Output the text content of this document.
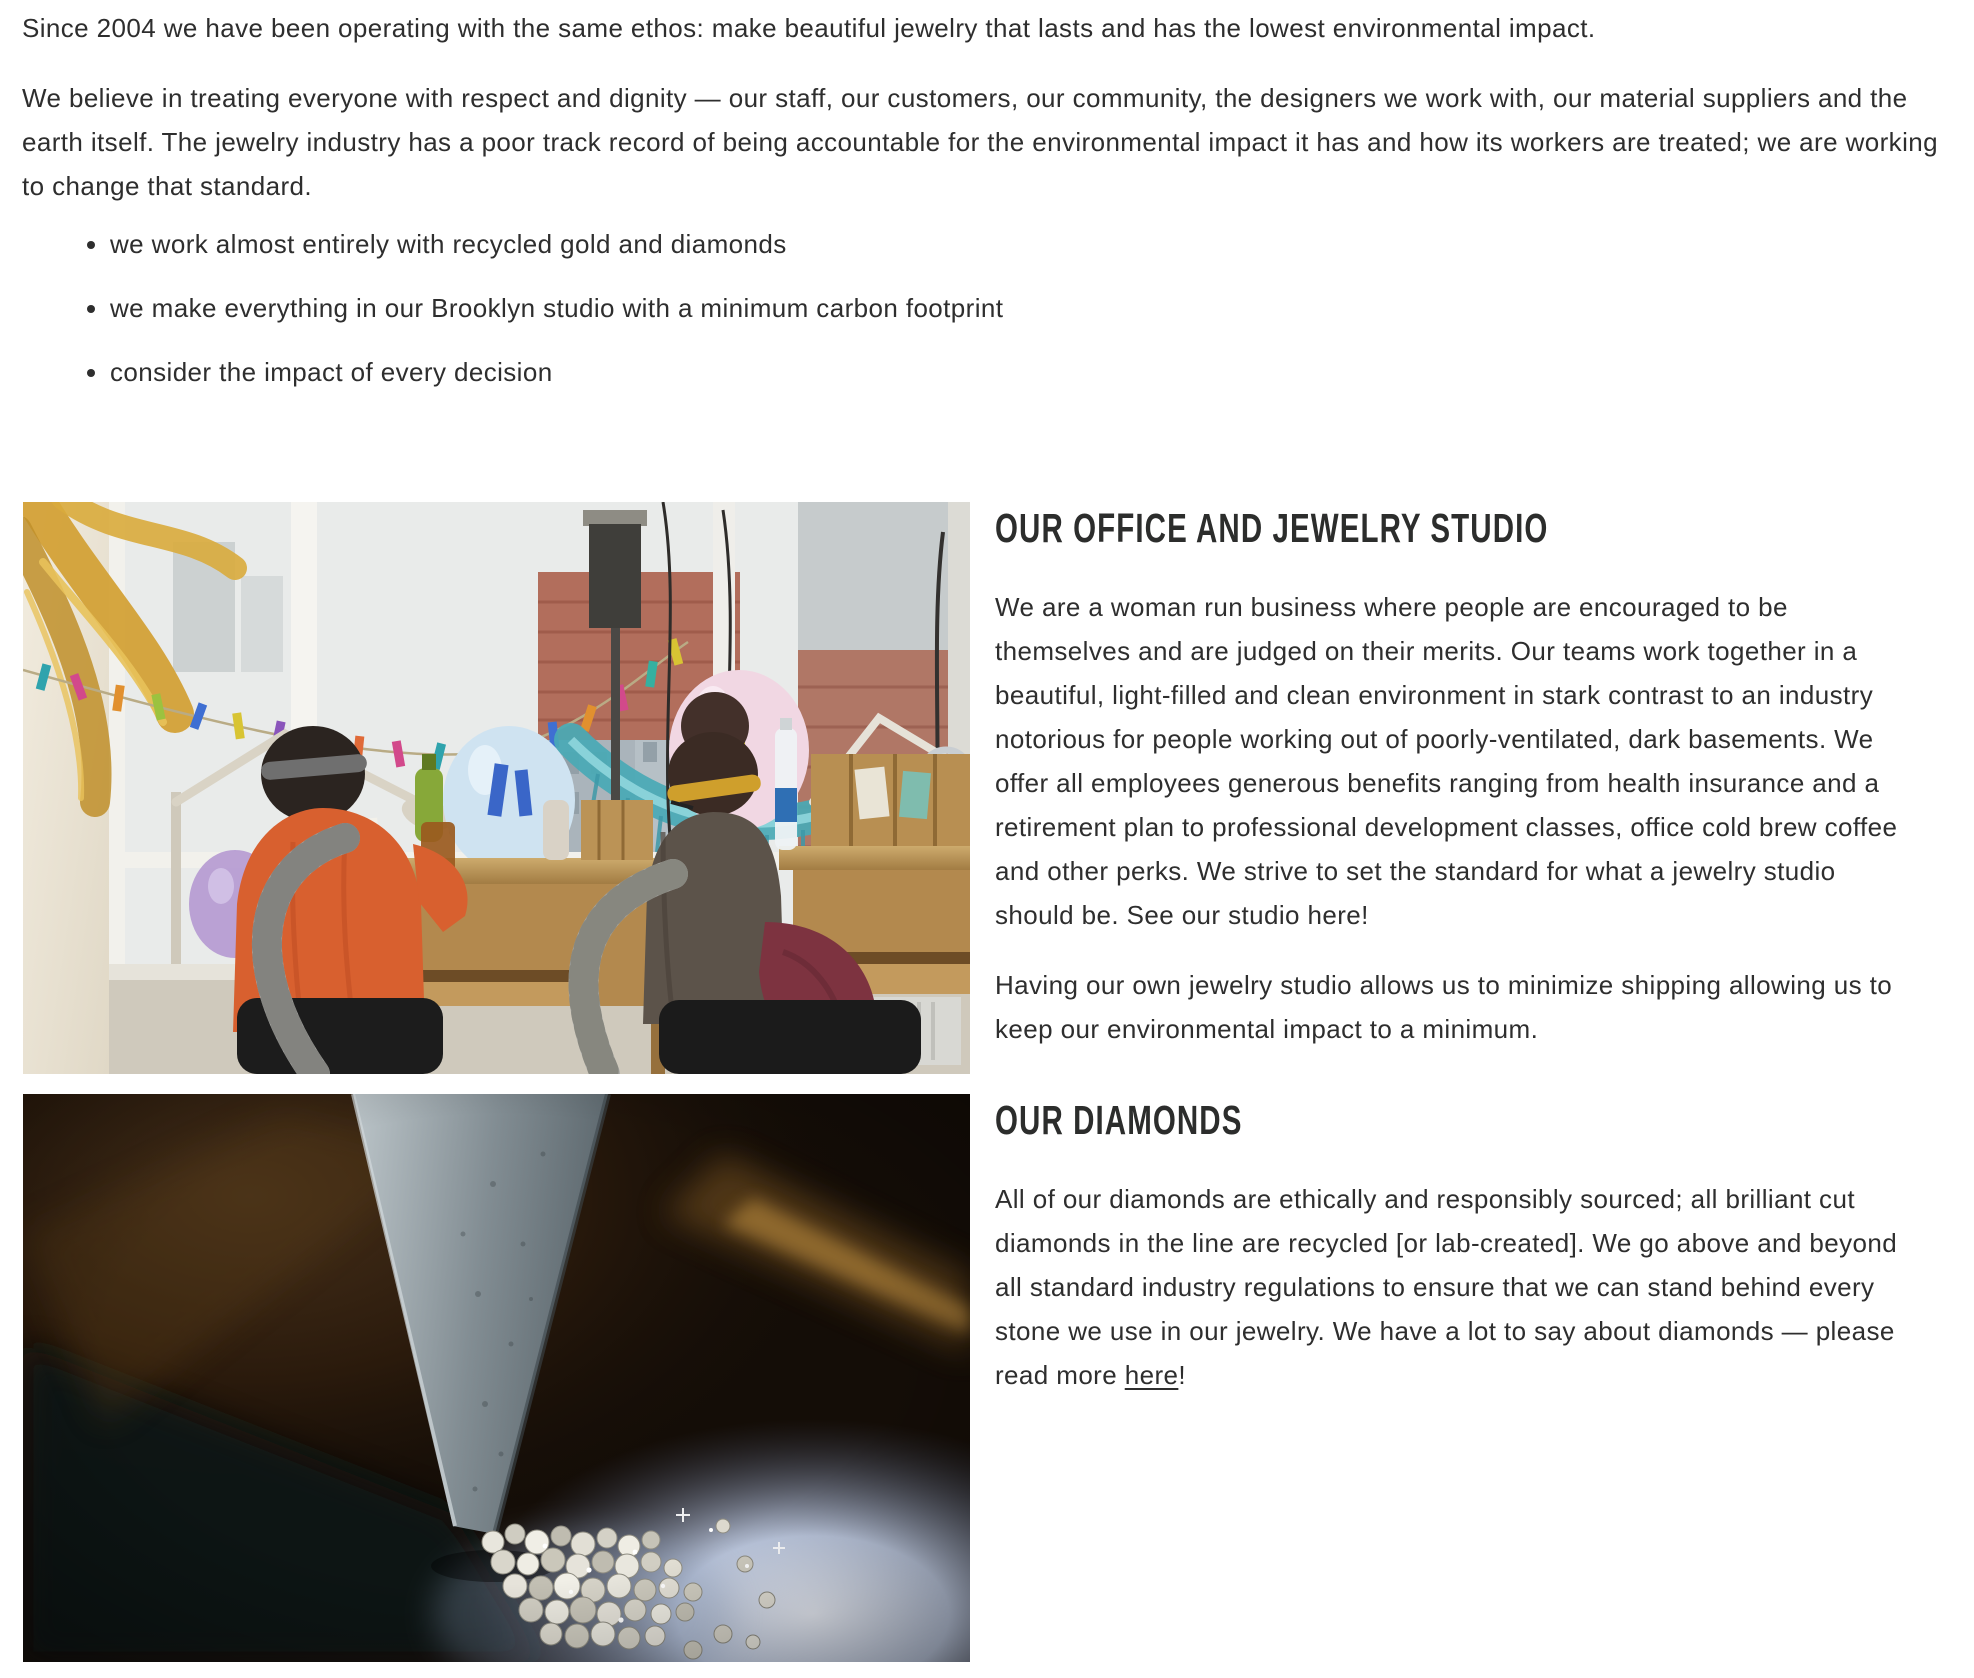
Since 2004 we have been operating with the same ethos: make beautiful jewelry that lasts and has the lowest environmental impact.

We believe in treating everyone with respect and dignity — our staff, our customers, our community, the designers we work with, our material suppliers and the earth itself. The jewelry industry has a poor track record of being accountable for the environmental impact it has and how its workers are treated; we are working to change that standard.

• we work almost entirely with recycled gold and diamonds
• we make everything in our Brooklyn studio with a minimum carbon footprint
• consider the impact of every decision
OUR OFFICE AND JEWELRY STUDIO

We are a woman run business where people are encouraged to be themselves and are judged on their merits. Our teams work together in a beautiful, light-filled and clean environment in stark contrast to an industry notorious for people working out of poorly-ventilated, dark basements. We offer all employees generous benefits ranging from health insurance and a retirement plan to professional development classes, office cold brew coffee and other perks. We strive to set the standard for what a jewelry studio should be. See our studio here!

Having our own jewelry studio allows us to minimize shipping allowing us to keep our environmental impact to a minimum.

OUR DIAMONDS

All of our diamonds are ethically and responsibly sourced; all brilliant cut diamonds in the line are recycled [or lab-created]. We go above and beyond all standard industry regulations to ensure that we can stand behind every stone we use in our jewelry. We have a lot to say about diamonds — please read more here!
